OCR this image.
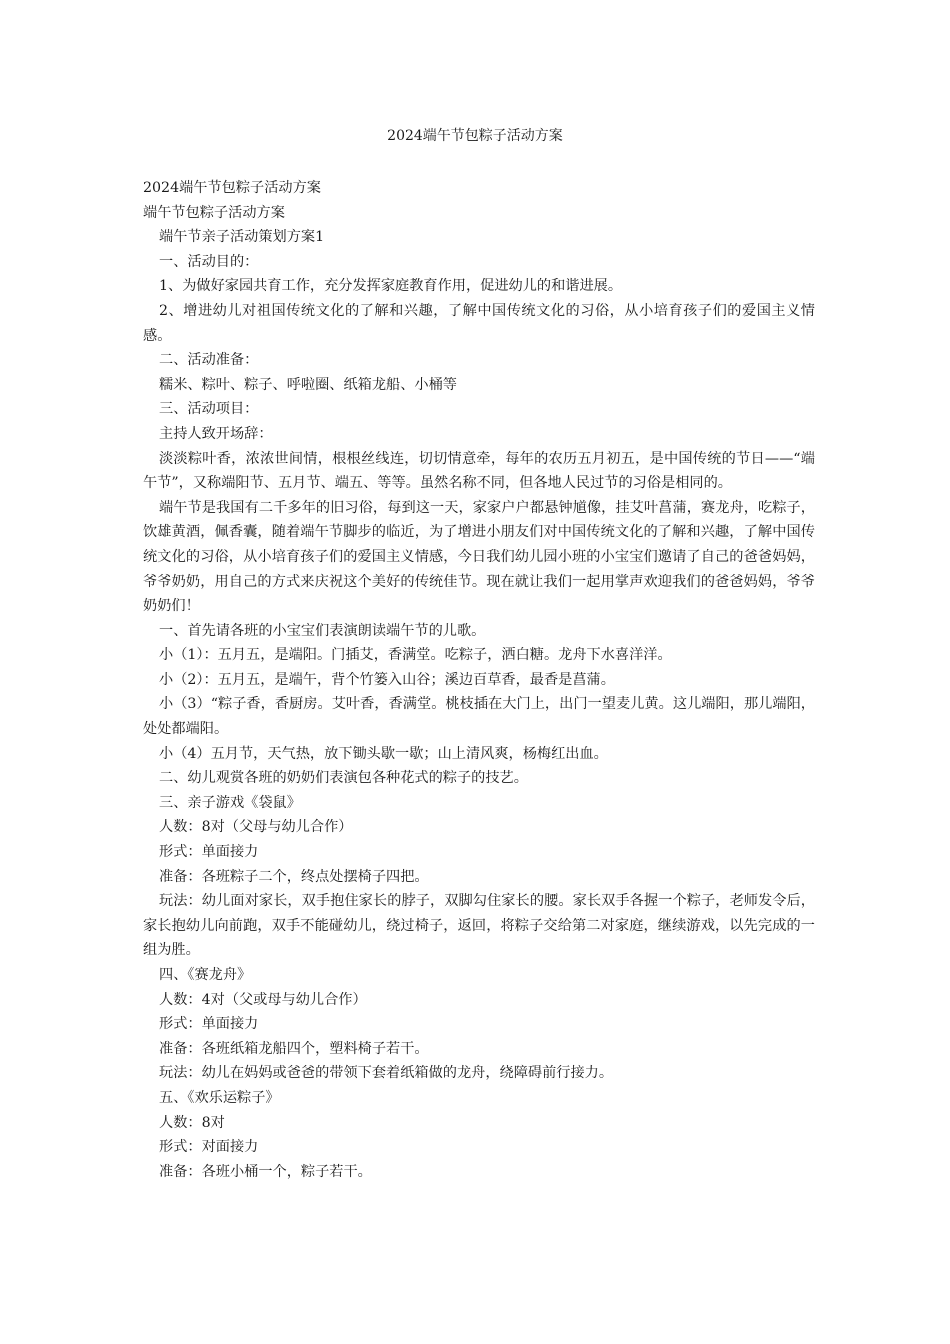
2024端午节包粽子活动方案

2024端午节包粽子活动方案

端午节包粽子活动方案

端午节亲子活动策划方案1

一、活动目的：

1、为做好家园共育工作，充分发挥家庭教育作用，促进幼儿的和谐进展。

2、增进幼儿对祖国传统文化的了解和兴趣，了解中国传统文化的习俗，从小培育孩子们的爱国主义情感。

二、活动准备：

糯米、粽叶、粽子、呼啦圈、纸箱龙船、小桶等

三、活动项目：

主持人致开场辞：

淡淡粽叶香，浓浓世间情，根根丝线连，切切情意牵，每年的农历五月初五，是中国传统的节日——“端午节”，又称端阳节、五月节、端五、等等。虽然名称不同，但各地人民过节的习俗是相同的。

端午节是我国有二千多年的旧习俗，每到这一天，家家户户都悬钟馗像，挂艾叶菖蒲，赛龙舟，吃粽子，饮雄黄酒，佩香囊，随着端午节脚步的临近，为了增进小朋友们对中国传统文化的了解和兴趣，了解中国传统文化的习俗，从小培育孩子们的爱国主义情感，今日我们幼儿园小班的小宝宝们邀请了自己的爸爸妈妈，爷爷奶奶，用自己的方式来庆祝这个美好的传统佳节。现在就让我们一起用掌声欢迎我们的爸爸妈妈，爷爷奶奶们！

一、首先请各班的小宝宝们表演朗读端午节的儿歌。

小（1）：五月五，是端阳。门插艾，香满堂。吃粽子，洒白糖。龙舟下水喜洋洋。

小（2）：五月五，是端午，背个竹篓入山谷；溪边百草香，最香是菖蒲。

小（3）“粽子香，香厨房。艾叶香，香满堂。桃枝插在大门上，出门一望麦儿黄。这儿端阳，那儿端阳，处处都端阳。

小（4）五月节，天气热，放下锄头歇一歇；山上清风爽，杨梅红出血。

二、幼儿观赏各班的奶奶们表演包各种花式的粽子的技艺。

三、亲子游戏《袋鼠》

人数：8对（父母与幼儿合作）

形式：单面接力

准备：各班粽子二个，终点处摆椅子四把。

玩法：幼儿面对家长，双手抱住家长的脖子，双脚勾住家长的腰。家长双手各握一个粽子，老师发令后，家长抱幼儿向前跑，双手不能碰幼儿，绕过椅子，返回，将粽子交给第二对家庭，继续游戏，以先完成的一组为胜。

四、《赛龙舟》

人数：4对（父或母与幼儿合作）

形式：单面接力

准备：各班纸箱龙船四个，塑料椅子若干。

玩法：幼儿在妈妈或爸爸的带领下套着纸箱做的龙舟，绕障碍前行接力。

五、《欢乐运粽子》

人数：8对

形式：对面接力

准备：各班小桶一个，粽子若干。
